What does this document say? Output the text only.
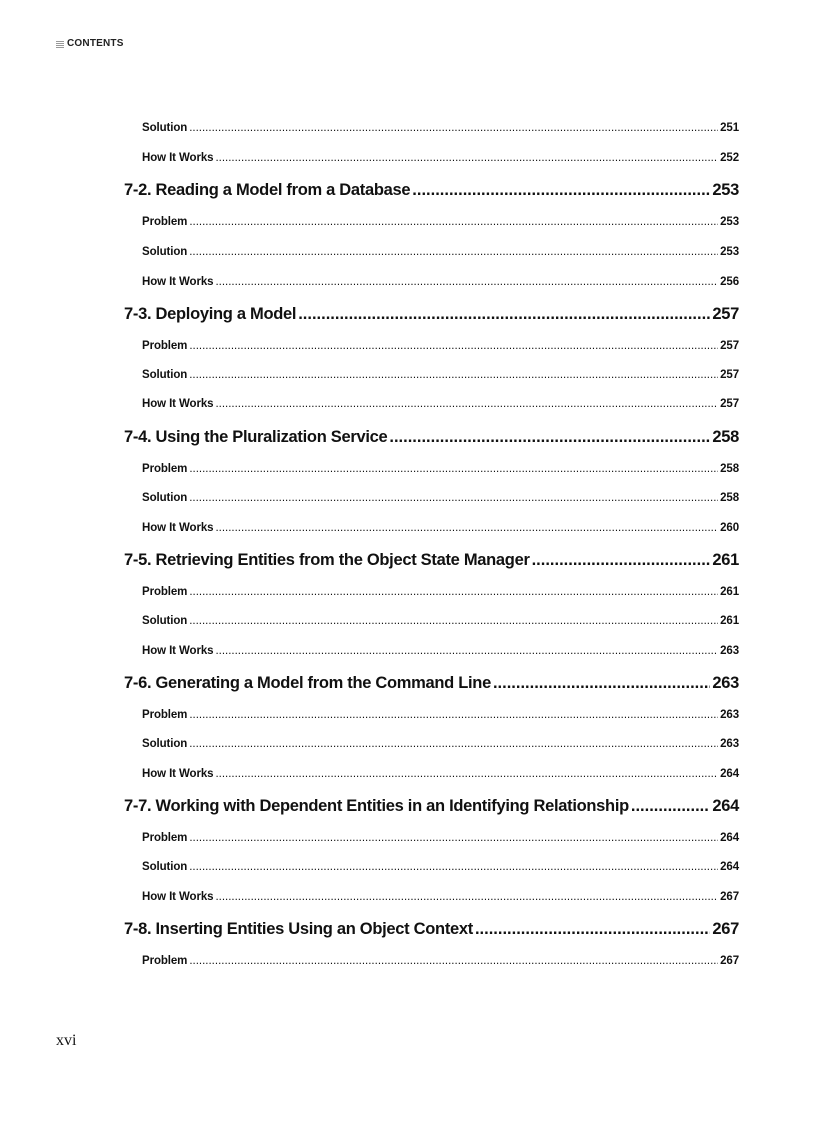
CONTENTS
Solution .....	251
How It Works .....	252
7-2. Reading a Model from a Database .....	253
Problem .....	253
Solution .....	253
How It Works .....	256
7-3. Deploying a Model .....	257
Problem .....	257
Solution .....	257
How It Works .....	257
7-4. Using the Pluralization Service .....	258
Problem .....	258
Solution .....	258
How It Works .....	260
7-5. Retrieving Entities from the Object State Manager .....	261
Problem .....	261
Solution .....	261
How It Works .....	263
7-6. Generating a Model from the Command Line .....	263
Problem .....	263
Solution .....	263
How It Works .....	264
7-7. Working with Dependent Entities in an Identifying Relationship .....	264
Problem .....	264
Solution .....	264
How It Works .....	267
7-8. Inserting Entities Using an Object Context .....	267
Problem .....	267
xvi
